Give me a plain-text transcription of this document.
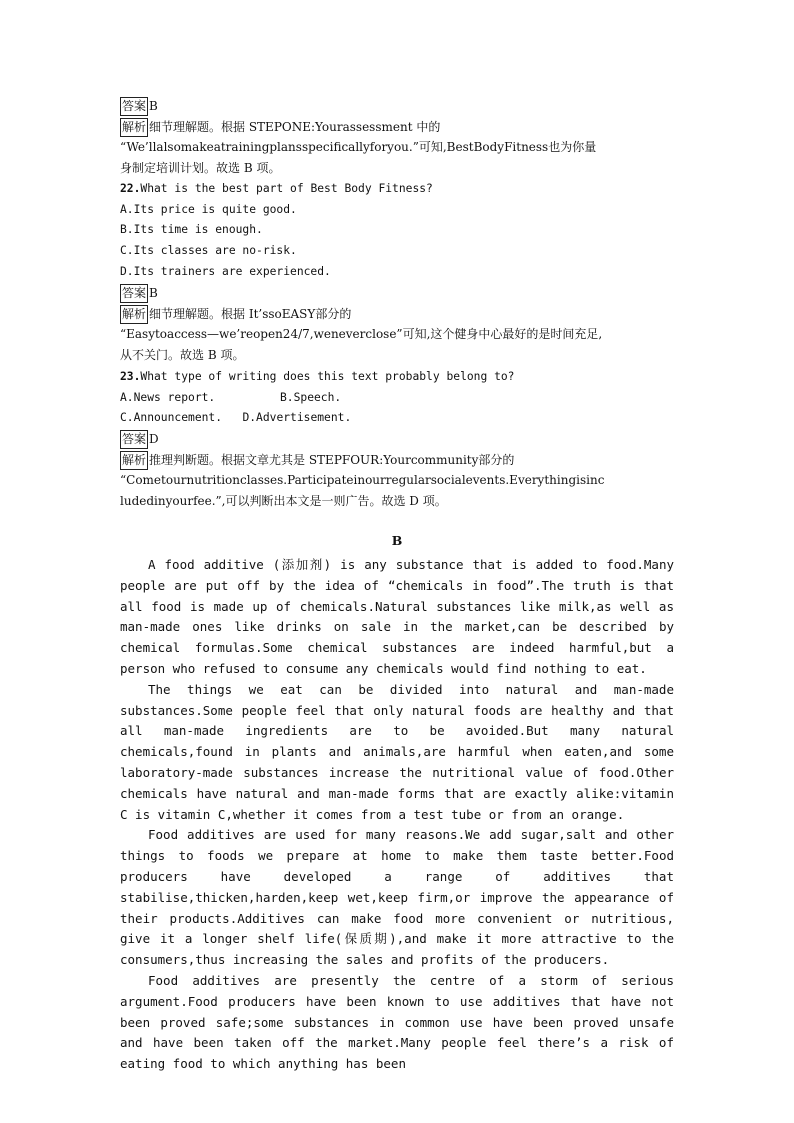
答案 B
解析 细节理解题。根据 STEPONE:Yourassessment 中的
“We’llalsomakeatrainingplansspecificallyforyou.”可知,BestBodyFitness也为你量
身制定培训计划。故选 B 项。
22.What is the best part of Best Body Fitness?
A.Its price is quite good.
B.Its time is enough.
C.Its classes are no-risk.
D.Its trainers are experienced.
答案 B
解析 细节理解题。根据 It’ssoEASY部分的
“Easytoaccess—we’reopen24/7,weneverclose”可知,这个健身中心最好的是时间充足,
从不关门。故选 B 项。
23.What type of writing does this text probably belong to?
A.News report.	B.Speech.
C.Announcement. D.Advertisement.
答案 D
解析 推理判断题。根据文章尤其是 STEPFOUR:Yourcommunity部分的
“Cometournutritionclasses.Participateinourregularsocialevents.Everythingisinc
ludedinyourfee.”,可以判断出本文是一则广告。故选 D 项。
B

A food additive (添加剂) is any substance that is added to food.Many people are put off by the idea of “chemicals in food”.The truth is that all food is made up of chemicals.Natural substances like milk,as well as man-made ones like drinks on sale in the market,can be described by chemical formulas.Some chemical substances are indeed harmful,but a person who refused to consume any chemicals would find nothing to eat.

The things we eat can be divided into natural and man-made substances.Some people feel that only natural foods are healthy and that all man-made ingredients are to be avoided.But many natural chemicals,found in plants and animals,are harmful when eaten,and some laboratory-made substances increase the nutritional value of food.Other chemicals have natural and man-made forms that are exactly alike:vitamin C is vitamin C,whether it comes from a test tube or from an orange.

Food additives are used for many reasons.We add sugar,salt and other things to foods we prepare at home to make them taste better.Food producers have developed a range of additives that stabilise,thicken,harden,keep wet,keep firm,or improve the appearance of their products.Additives can make food more convenient or nutritious, give it a longer shelf life(保质期),and make it more attractive to the consumers,thus increasing the sales and profits of the producers.

Food additives are presently the centre of a storm of serious argument.Food producers have been known to use additives that have not been proved safe;some substances in common use have been proved unsafe and have been taken off the market.Many people feel there’s a risk of eating food to which anything has been
